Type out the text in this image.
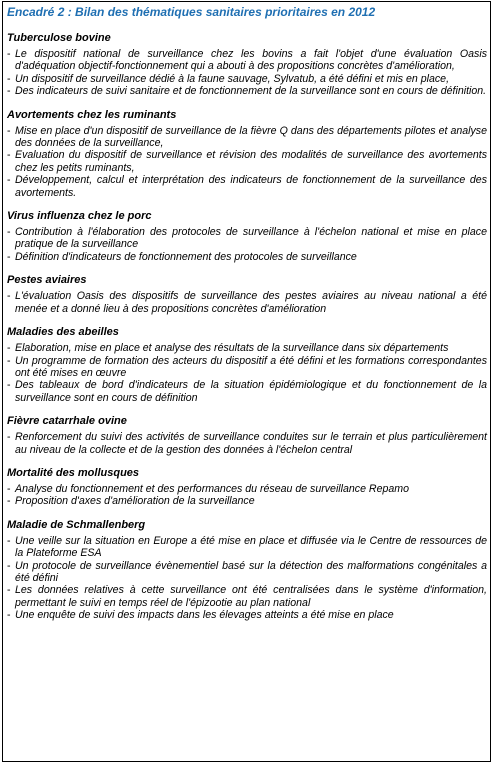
Encadré 2 : Bilan des thématiques sanitaires prioritaires en 2012
Tuberculose bovine
- Le dispositif national de surveillance chez les bovins a fait l'objet d'une évaluation Oasis d'adéquation objectif-fonctionnement qui a abouti à des propositions concrètes d'amélioration,
- Un dispositif de surveillance dédié à la faune sauvage, Sylvatub, a été défini et mis en place,
- Des indicateurs de suivi sanitaire et de fonctionnement de la surveillance sont en cours de définition.
Avortements chez les ruminants
- Mise en place d'un dispositif de surveillance de la fièvre Q dans des départements pilotes et analyse des données de la surveillance,
- Evaluation du dispositif de surveillance et révision des modalités de surveillance des avortements chez les petits ruminants,
- Développement, calcul et interprétation des indicateurs de fonctionnement de la surveillance des avortements.
Virus influenza chez le porc
- Contribution à l'élaboration des protocoles de surveillance à l'échelon national et mise en place pratique de la surveillance
- Définition d'indicateurs de fonctionnement des protocoles de surveillance
Pestes aviaires
- L'évaluation Oasis des dispositifs de surveillance des pestes aviaires au niveau national a été menée et a donné lieu à des propositions concrètes d'amélioration
Maladies des abeilles
- Elaboration, mise en place et analyse des résultats de la surveillance dans six départements
- Un programme de formation des acteurs du dispositif a été défini et les formations correspondantes ont été mises en œuvre
- Des tableaux de bord d'indicateurs de la situation épidémiologique et du fonctionnement de la surveillance sont en cours de définition
Fièvre catarrhale ovine
- Renforcement du suivi des activités de surveillance conduites sur le terrain et plus particulièrement au niveau de la collecte et de la gestion des données à l'échelon central
Mortalité des mollusques
- Analyse du fonctionnement et des performances du réseau de surveillance Repamo
- Proposition d'axes d'amélioration de la surveillance
Maladie de Schmallenberg
- Une veille sur la situation en Europe a été mise en place et diffusée via le Centre de ressources de la Plateforme ESA
- Un protocole de surveillance évènementiel basé sur la détection des malformations congénitales a été défini
- Les données relatives à cette surveillance ont été centralisées dans le système d'information, permettant le suivi en temps réel de l'épizootie au plan national
- Une enquête de suivi des impacts dans les élevages atteints a été mise en place
